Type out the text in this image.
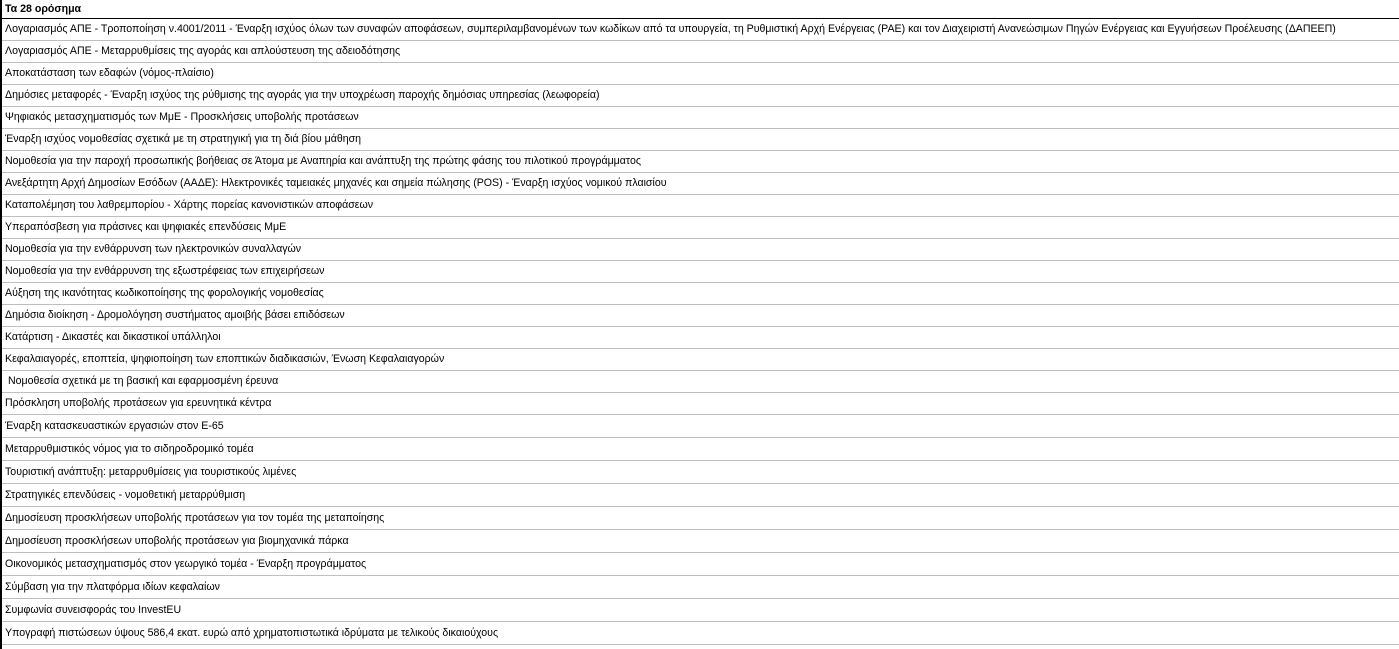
Τα 28 ορόσημα
Λογαριασμός ΑΠΕ - Τροποποίηση ν.4001/2011 - Έναρξη ισχύος όλων των συναφών αποφάσεων, συμπεριλαμβανομένων των κωδίκων από τα υπουργεία, τη Ρυθμιστική Αρχή Ενέργειας (ΡΑΕ) και τον Διαχειριστή Ανανεώσιμων Πηγών Ενέργειας και Εγγυήσεων Προέλευσης (ΔΑΠΕΕΠ)
Λογαριασμός ΑΠΕ - Μεταρρυθμίσεις της αγοράς και απλούστευση της αδειοδότησης
Αποκατάσταση των εδαφών (νόμος-πλαίσιο)
Δημόσιες μεταφορές - Έναρξη ισχύος της ρύθμισης της αγοράς για την υποχρέωση παροχής δημόσιας υπηρεσίας (λεωφορεία)
Ψηφιακός μετασχηματισμός των ΜμΕ - Προσκλήσεις υποβολής προτάσεων
Έναρξη ισχύος νομοθεσίας σχετικά με τη στρατηγική για τη διά βίου μάθηση
Νομοθεσία για την παροχή προσωπικής βοήθειας σε Άτομα με Αναπηρία και ανάπτυξη της πρώτης φάσης του πιλοτικού προγράμματος
Ανεξάρτητη Αρχή Δημοσίων Εσόδων (ΑΑΔΕ): Ηλεκτρονικές ταμειακές μηχανές και σημεία πώλησης (POS) - Έναρξη ισχύος νομικού πλαισίου
Καταπολέμηση του λαθρεμπορίου - Χάρτης πορείας κανονιστικών αποφάσεων
Υπεραπόσβεση για πράσινες και ψηφιακές επενδύσεις ΜμΕ
Νομοθεσία για την ενθάρρυνση των ηλεκτρονικών συναλλαγών
Νομοθεσία για την ενθάρρυνση της εξωστρέφειας των επιχειρήσεων
Αύξηση της ικανότητας κωδικοποίησης της φορολογικής νομοθεσίας
Δημόσια διοίκηση - Δρομολόγηση συστήματος αμοιβής βάσει επιδόσεων
Κατάρτιση - Δικαστές και δικαστικοί υπάλληλοι
Κεφαλαιαγορές, εποπτεία, ψηφιοποίηση των εποπτικών διαδικασιών, Ένωση Κεφαλαιαγορών
Νομοθεσία σχετικά με τη βασική και εφαρμοσμένη έρευνα
Πρόσκληση υποβολής προτάσεων για ερευνητικά κέντρα
Έναρξη κατασκευαστικών εργασιών στον Ε-65
Μεταρρυθμιστικός νόμος για το σιδηροδρομικό τομέα
Τουριστική ανάπτυξη: μεταρρυθμίσεις για τουριστικούς λιμένες
Στρατηγικές επενδύσεις - νομοθετική μεταρρύθμιση
Δημοσίευση προσκλήσεων υποβολής προτάσεων για τον τομέα της μεταποίησης
Δημοσίευση προσκλήσεων υποβολής προτάσεων για βιομηχανικά πάρκα
Οικονομικός μετασχηματισμός στον γεωργικό τομέα - Έναρξη προγράμματος
Σύμβαση για την πλατφόρμα ιδίων κεφαλαίων
Συμφωνία συνεισφοράς του InvestEU
Υπογραφή πιστώσεων ύψους 586,4 εκατ. ευρώ από χρηματοπιστωτικά ιδρύματα με τελικούς δικαιούχους
